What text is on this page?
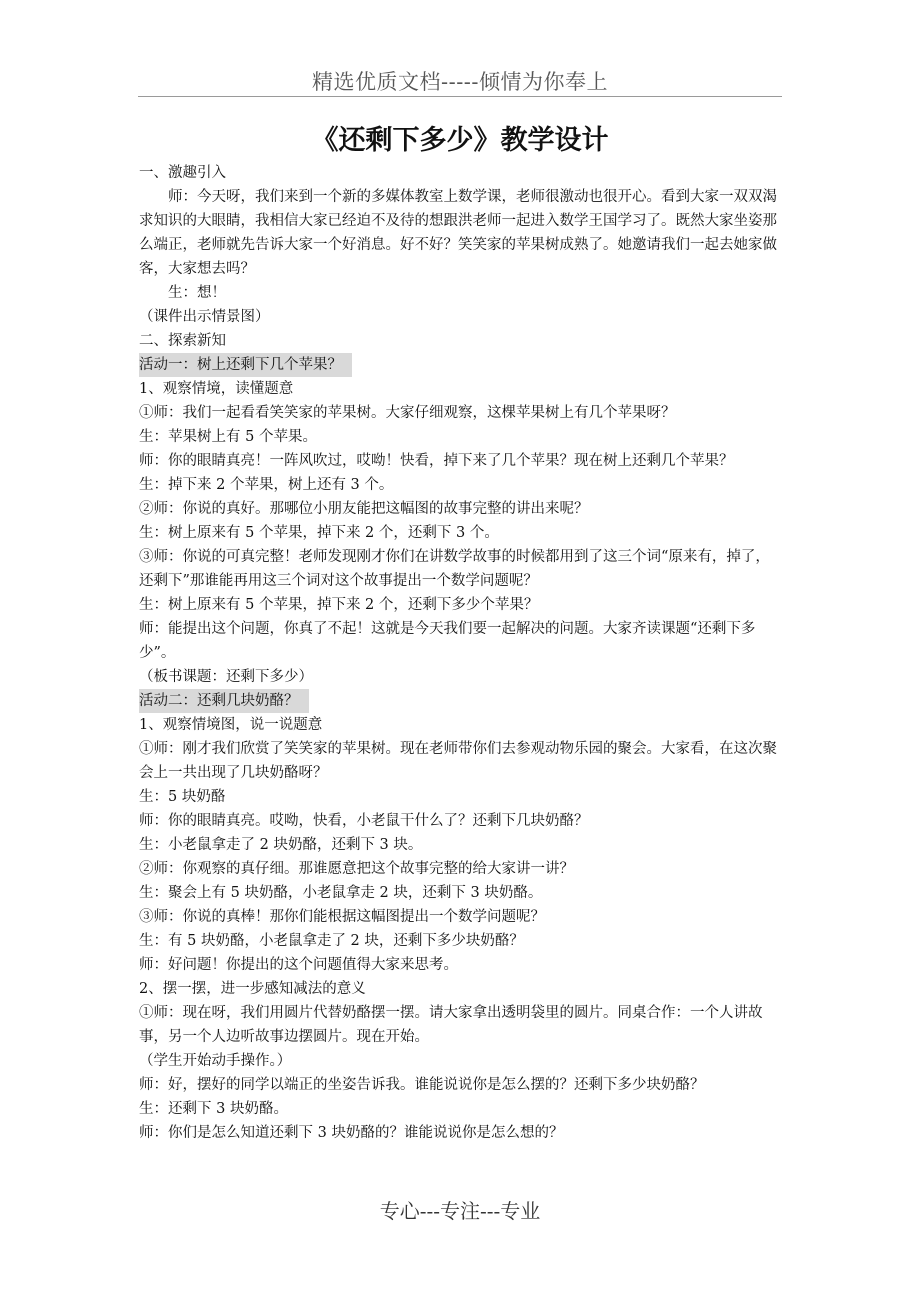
精选优质文档-----倾情为你奉上
《还剩下多少》教学设计

一、激趣引入

师：今天呀，我们来到一个新的多媒体教室上数学课，老师很激动也很开心。看到大家一双双渴求知识的大眼睛，我相信大家已经迫不及待的想跟洪老师一起进入数学王国学习了。既然大家坐姿那么端正，老师就先告诉大家一个好消息。好不好？笑笑家的苹果树成熟了。她邀请我们一起去她家做客，大家想去吗？

生：想！

（课件出示情景图）

二、探索新知

活动一：树上还剩下几个苹果？

1、观察情境，读懂题意

①师：我们一起看看笑笑家的苹果树。大家仔细观察，这棵苹果树上有几个苹果呀？

生：苹果树上有 5 个苹果。

师：你的眼睛真亮！一阵风吹过，哎呦！快看，掉下来了几个苹果？现在树上还剩几个苹果？

生：掉下来 2 个苹果，树上还有 3 个。

②师：你说的真好。那哪位小朋友能把这幅图的故事完整的讲出来呢？

生：树上原来有 5 个苹果，掉下来 2 个，还剩下 3 个。

③师：你说的可真完整！老师发现刚才你们在讲数学故事的时候都用到了这三个词“原来有，掉了，还剩下”那谁能再用这三个词对这个故事提出一个数学问题呢？

生：树上原来有 5 个苹果，掉下来 2 个，还剩下多少个苹果？

师：能提出这个问题，你真了不起！这就是今天我们要一起解决的问题。大家齐读课题“还剩下多少”。

（板书课题：还剩下多少）

活动二：还剩几块奶酪？

1、观察情境图，说一说题意

①师：刚才我们欣赏了笑笑家的苹果树。现在老师带你们去参观动物乐园的聚会。大家看，在这次聚会上一共出现了几块奶酪呀？

生：5 块奶酪

师：你的眼睛真亮。哎呦，快看，小老鼠干什么了？还剩下几块奶酪？

生：小老鼠拿走了 2 块奶酪，还剩下 3 块。

②师：你观察的真仔细。那谁愿意把这个故事完整的给大家讲一讲？

生：聚会上有 5 块奶酪，小老鼠拿走 2 块，还剩下 3 块奶酪。

③师：你说的真棒！那你们能根据这幅图提出一个数学问题呢？

生：有 5 块奶酪，小老鼠拿走了 2 块，还剩下多少块奶酪？

师：好问题！你提出的这个问题值得大家来思考。

2、摆一摆，进一步感知减法的意义

①师：现在呀，我们用圆片代替奶酪摆一摆。请大家拿出透明袋里的圆片。同桌合作：一个人讲故事，另一个人边听故事边摆圆片。现在开始。

（学生开始动手操作。）

师：好，摆好的同学以端正的坐姿告诉我。谁能说说你是怎么摆的？还剩下多少块奶酪？

生：还剩下 3 块奶酪。

师：你们是怎么知道还剩下 3 块奶酪的？谁能说说你是怎么想的？

专心---专注---专业
